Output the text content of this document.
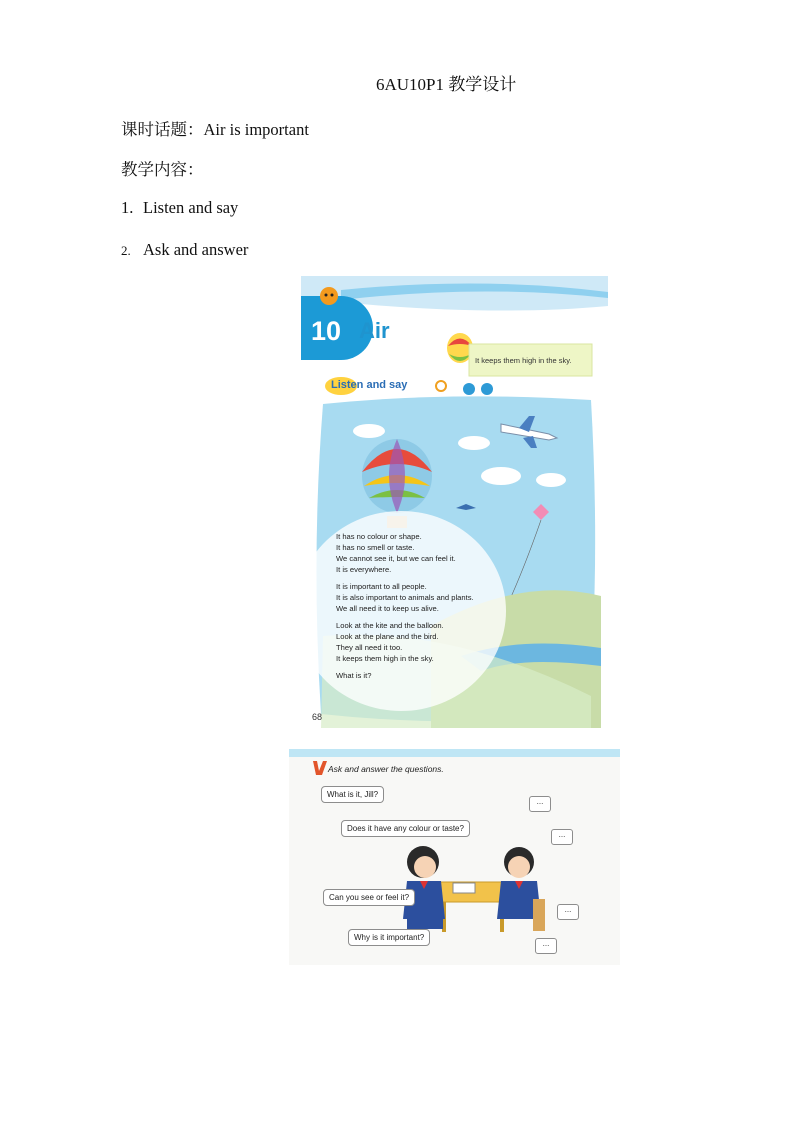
6AU10P1 教学设计
课时话题：Air is important
教学内容：
1. Listen and say
2. Ask and answer
10 Air
It keeps them high in the sky.
Listen and say
It has no colour or shape.
It has no smell or taste.
We cannot see it, but we can feel it.
It is everywhere.
It is important to all people.
It is also important to animals and plants.
We all need it to keep us alive.
Look at the kite and the balloon.
Look at the plane and the bird.
They all need it too.
It keeps them high in the sky.
What is it?
68
Ask and answer the questions.
What is it, Jill?
Does it have any colour or taste?
Can you see or feel it?
Why is it important?
...
...
...
...
